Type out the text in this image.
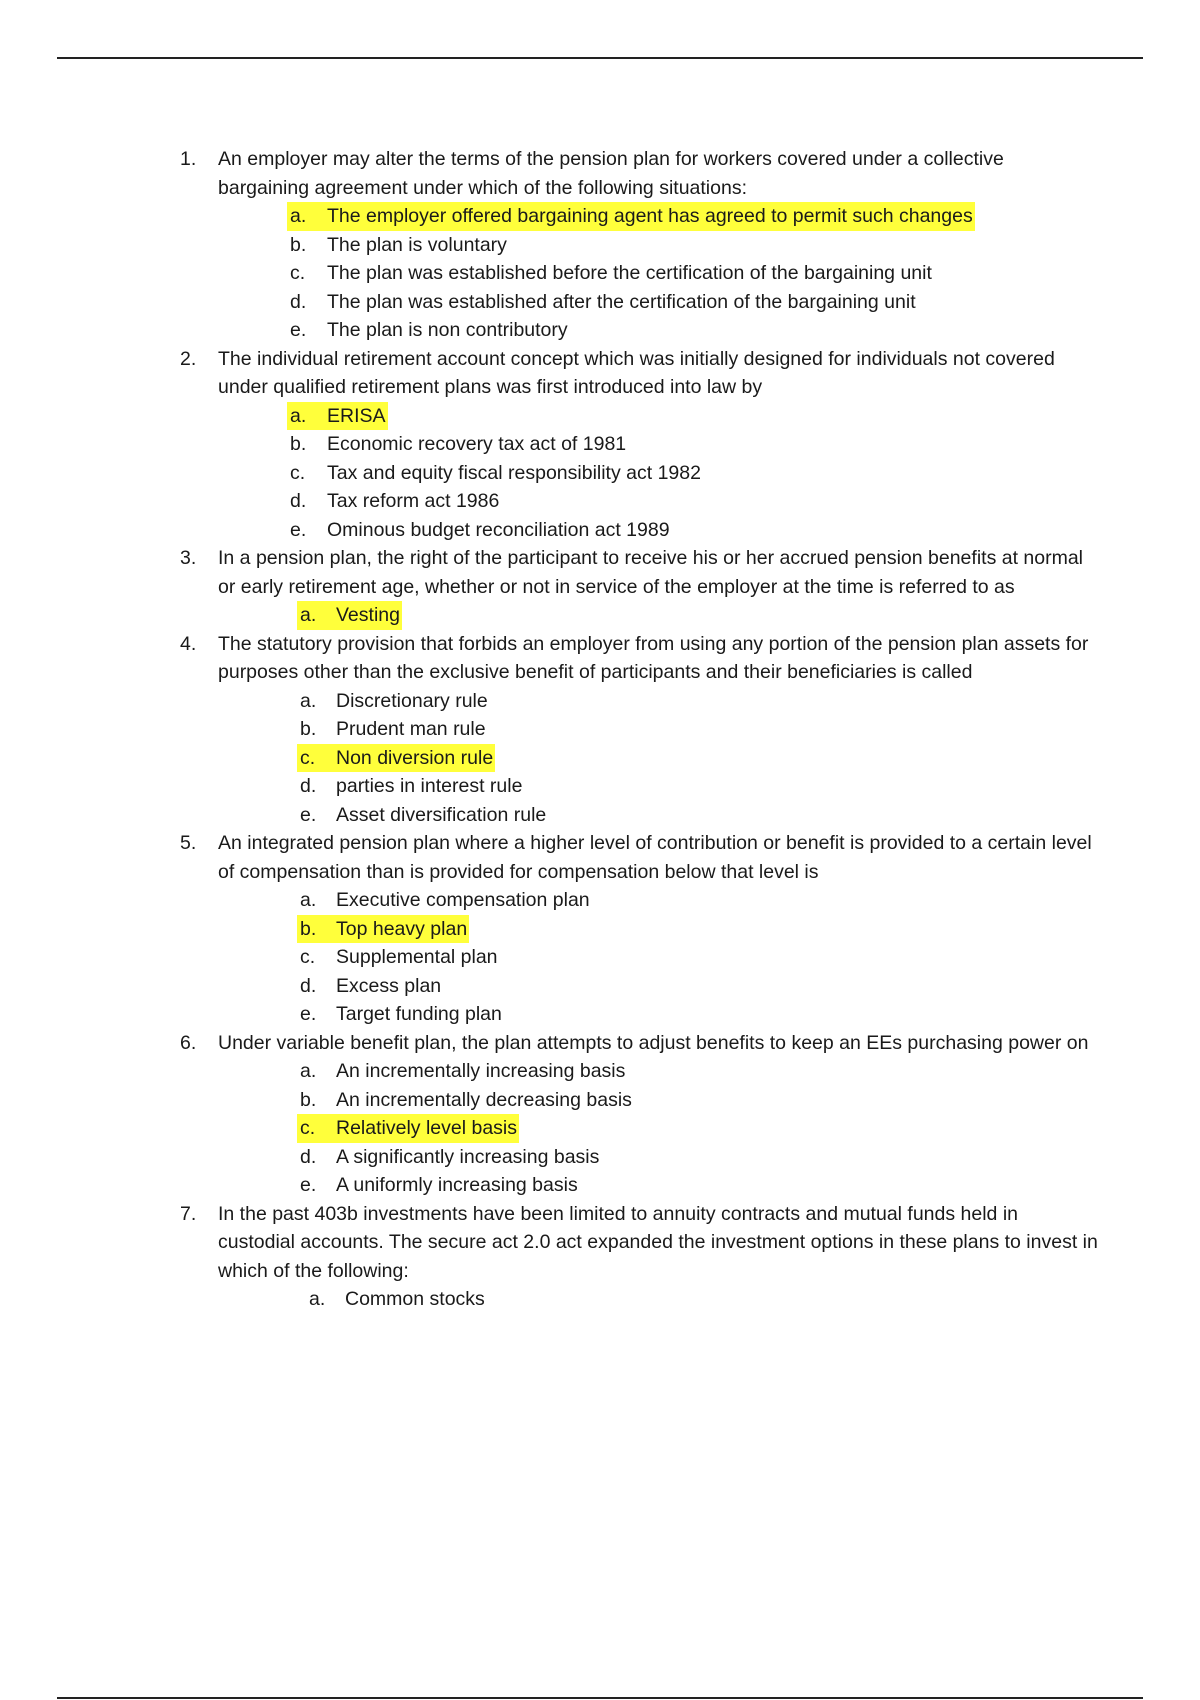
1. An employer may alter the terms of the pension plan for workers covered under a collective bargaining agreement under which of the following situations:
a. The employer offered bargaining agent has agreed to permit such changes
b. The plan is voluntary
c. The plan was established before the certification of the bargaining unit
d. The plan was established after the certification of the bargaining unit
e. The plan is non contributory
2. The individual retirement account concept which was initially designed for individuals not covered under qualified retirement plans was first introduced into law by
a. ERISA
b. Economic recovery tax act of 1981
c. Tax and equity fiscal responsibility act 1982
d. Tax reform act 1986
e. Ominous budget reconciliation act 1989
3. In a pension plan, the right of the participant to receive his or her accrued pension benefits at normal or early retirement age, whether or not in service of the employer at the time is referred to as
a. Vesting
4. The statutory provision that forbids an employer from using any portion of the pension plan assets for purposes other than the exclusive benefit of participants and their beneficiaries is called
a. Discretionary rule
b. Prudent man rule
c. Non diversion rule
d. parties in interest rule
e. Asset diversification rule
5. An integrated pension plan where a higher level of contribution or benefit is provided to a certain level of compensation than is provided for compensation below that level is
a. Executive compensation plan
b. Top heavy plan
c. Supplemental plan
d. Excess plan
e. Target funding plan
6. Under variable benefit plan, the plan attempts to adjust benefits to keep an EEs purchasing power on
a. An incrementally increasing basis
b. An incrementally decreasing basis
c. Relatively level basis
d. A significantly increasing basis
e. A uniformly increasing basis
7. In the past 403b investments have been limited to annuity contracts and mutual funds held in custodial accounts. The secure act 2.0 act expanded the investment options in these plans to invest in which of the following:
a. Common stocks
